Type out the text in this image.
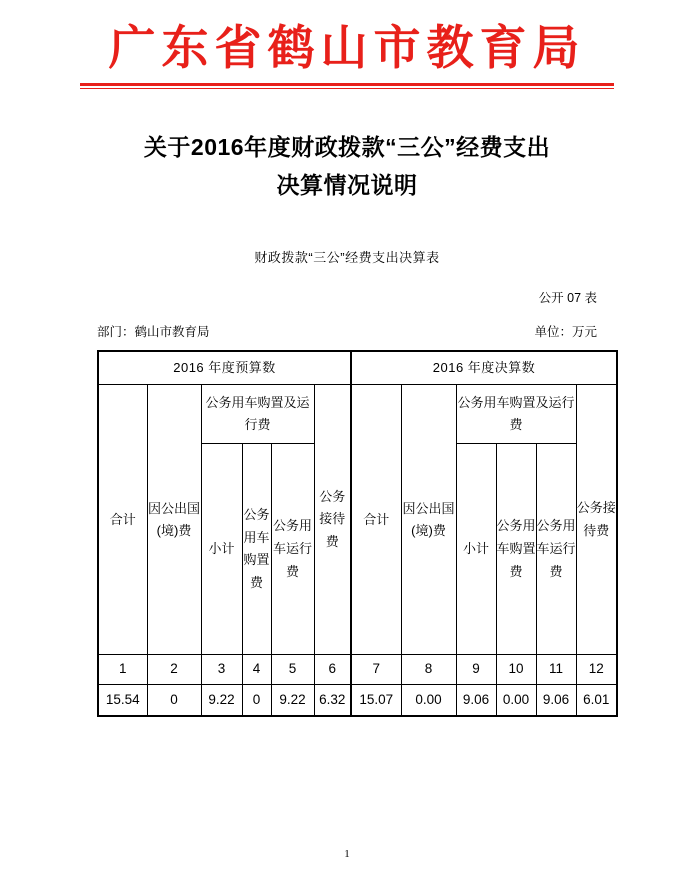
广东省鹤山市教育局
关于2016年度财政拨款“三公”经费支出
决算情况说明
财政拨款“三公”经费支出决算表
公开 07 表
部门：鹤山市教育局	单位：万元
2016 年度预算数						2016 年度决算数					
合计	因公出国(境)费	公务用车购置及运行费			公务接待费	合计	因公出国(境)费	公务用车购置及运行费			公务接待费

		小计	公务用车购置费	公务用车运行费				小计	公务用车购置费	公务用车运行费	

1	2	3	4	5	6	7	8	9	10	11	12
15.54	0	9.22	0	9.22	6.32	15.07	0.00	9.06	0.00	9.06	6.01
1
